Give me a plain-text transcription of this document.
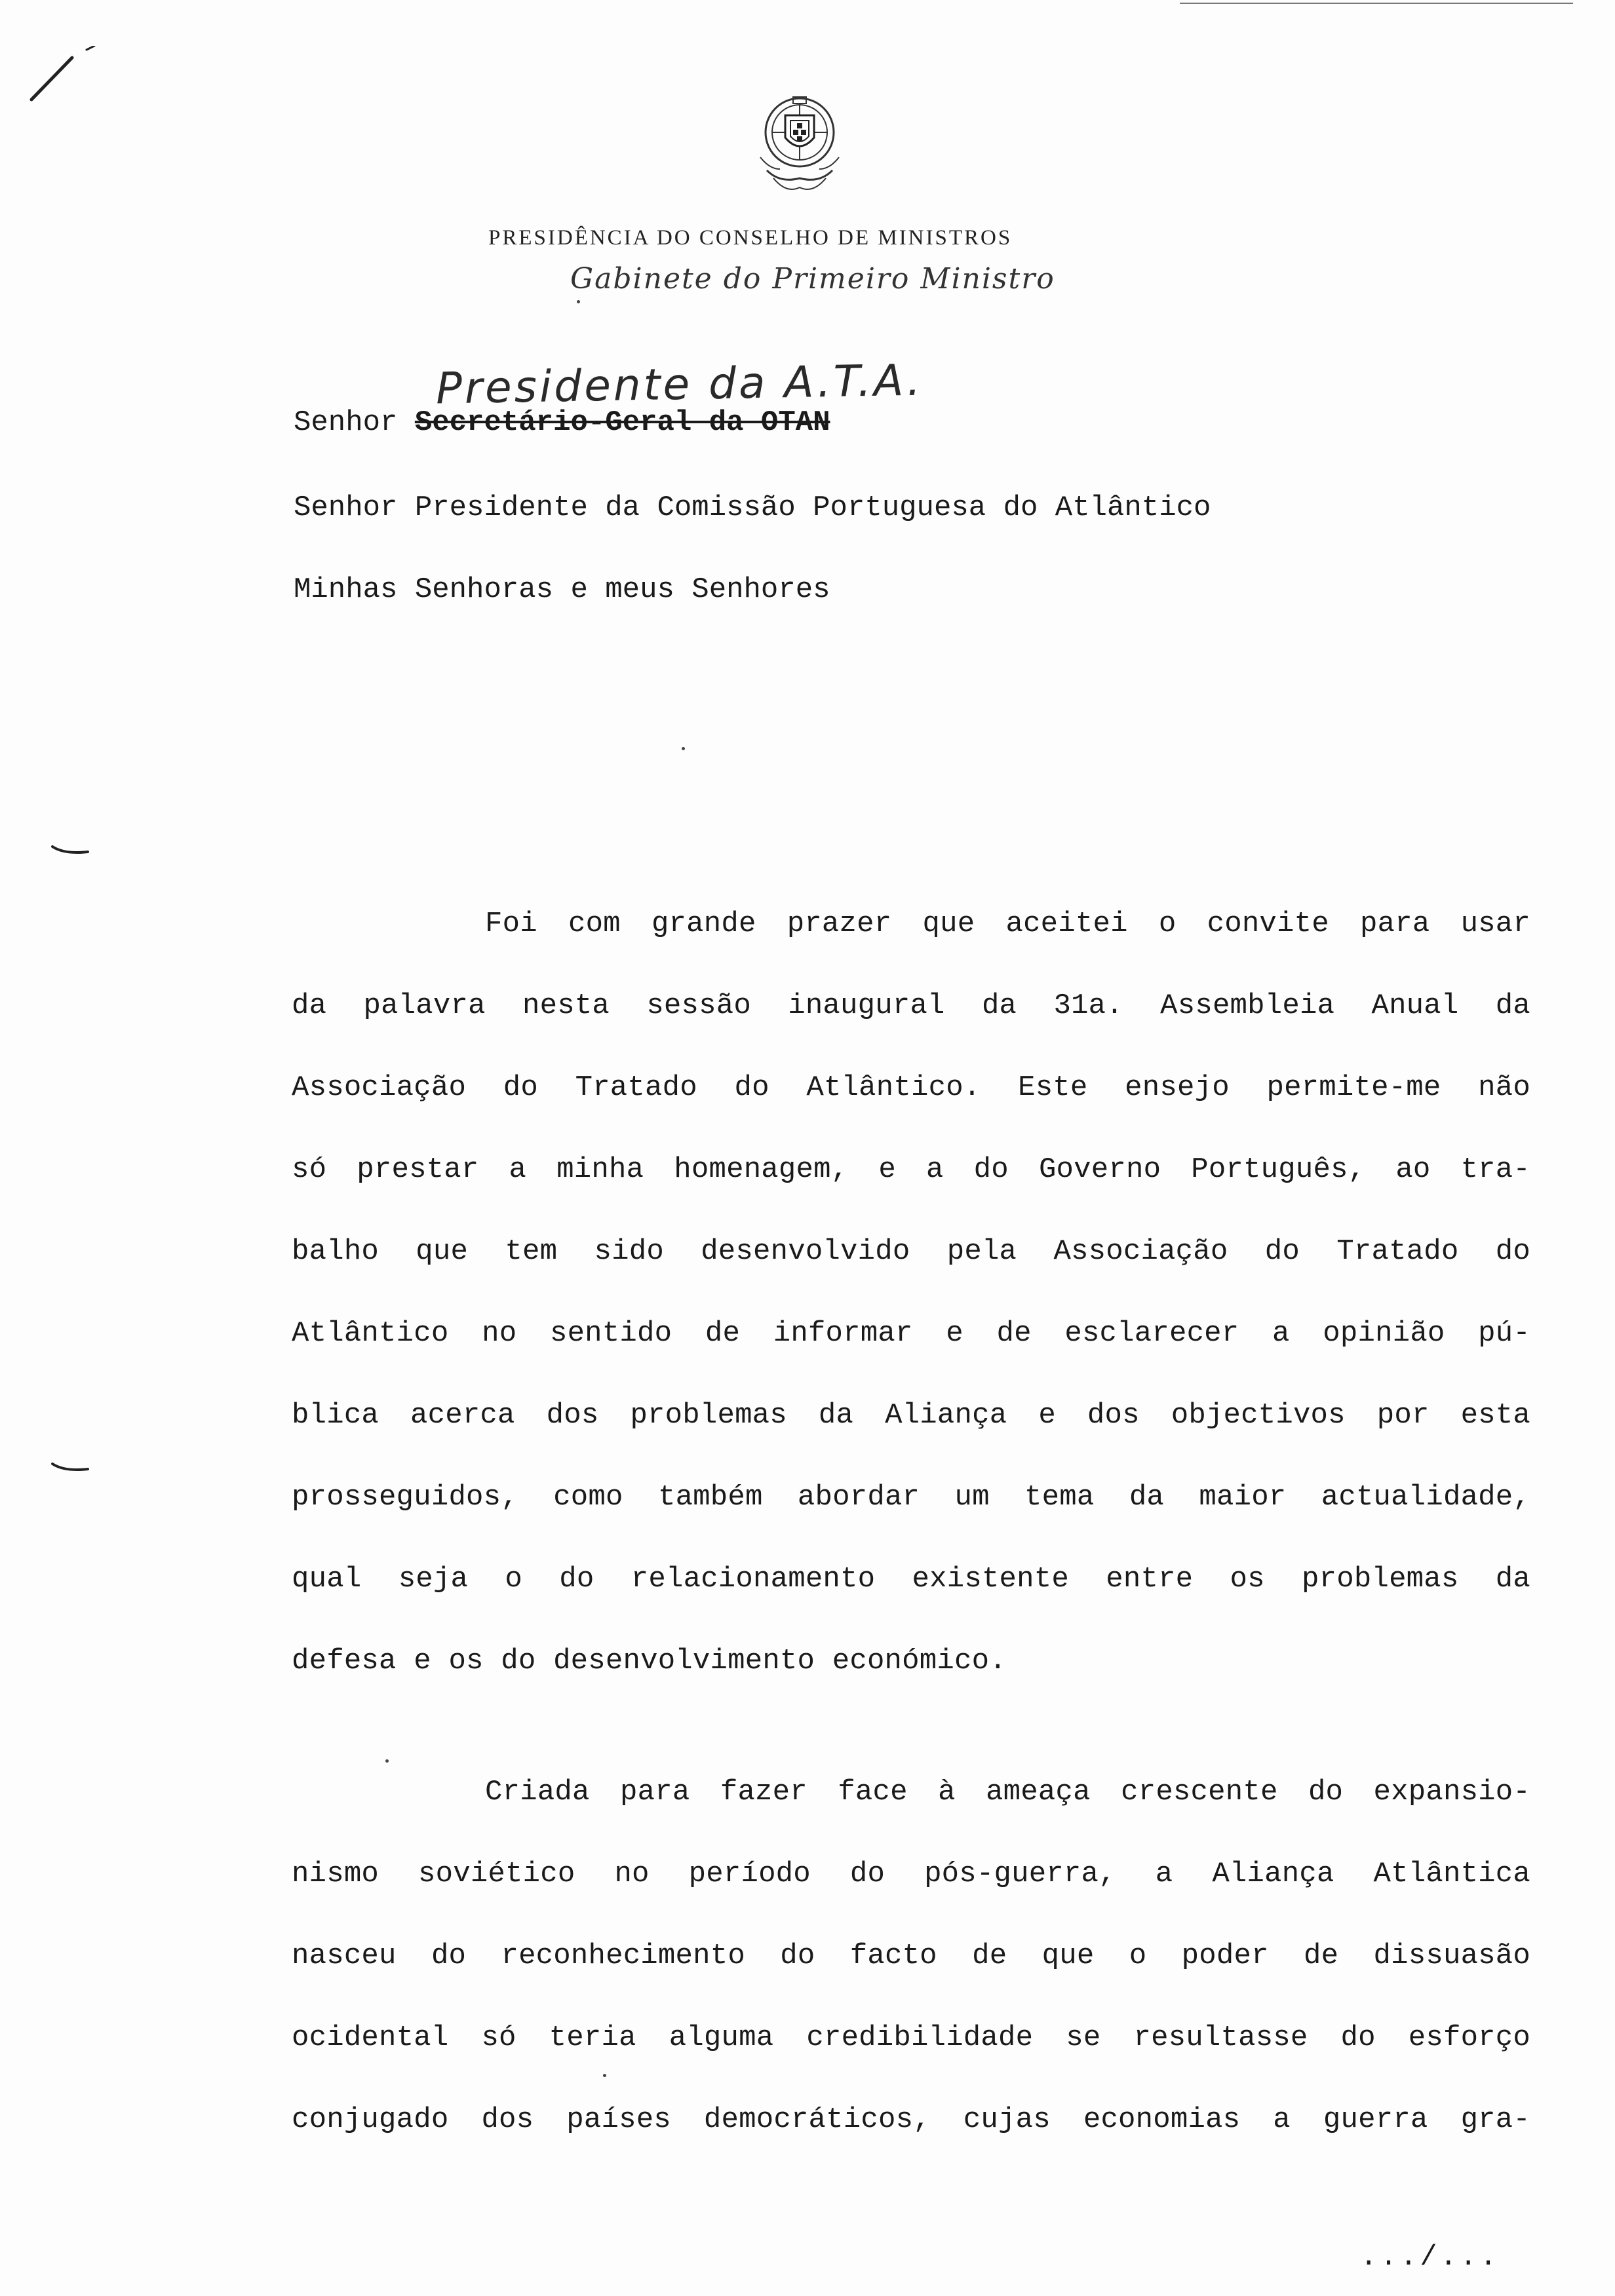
PRESIDÊNCIA DO CONSELHO DE MINISTROS
Gabinete do Primeiro Ministro
Presidente da A.T.A.
Senhor Secretário-Geral da OTAN
Senhor Presidente da Comissão Portuguesa do Atlântico
Minhas Senhoras e meus Senhores
Foi com grande prazer que aceitei o convite para usar
da palavra nesta sessão inaugural da 31a. Assembleia Anual da
Associação do Tratado do Atlântico. Este ensejo permite-me não
só prestar a minha homenagem, e a do Governo Português, ao tra-
balho que tem sido desenvolvido pela Associação do Tratado do
Atlântico no sentido de informar e de esclarecer a opinião pú-
blica acerca dos problemas da Aliança e dos objectivos por esta
prosseguidos, como também abordar um tema da maior actualidade,
qual seja o do relacionamento existente entre os problemas da
defesa e os do desenvolvimento económico.
Criada para fazer face à ameaça crescente do expansio-
nismo soviético no período do pós-guerra, a Aliança Atlântica
nasceu do reconhecimento do facto de que o poder de dissuasão
ocidental só teria alguma credibilidade se resultasse do esforço
conjugado dos países democráticos, cujas economias a guerra gra-
.../...
